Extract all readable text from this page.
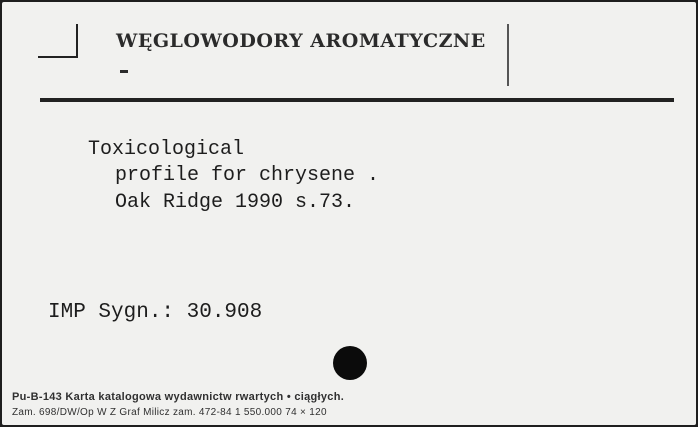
WĘGLOWODORY AROMATYCZNE
Toxicological
profile for chrysene .
Oak Ridge 1990 s.73.
IMP Sygn.: 30.908
Pu-B-143 Karta katalogowa wydawnictw rwartych • ciągłych.
Zam. 698/DW/Op W Z Graf Milicz zam. 472-84 1 550.000 74 × 120
